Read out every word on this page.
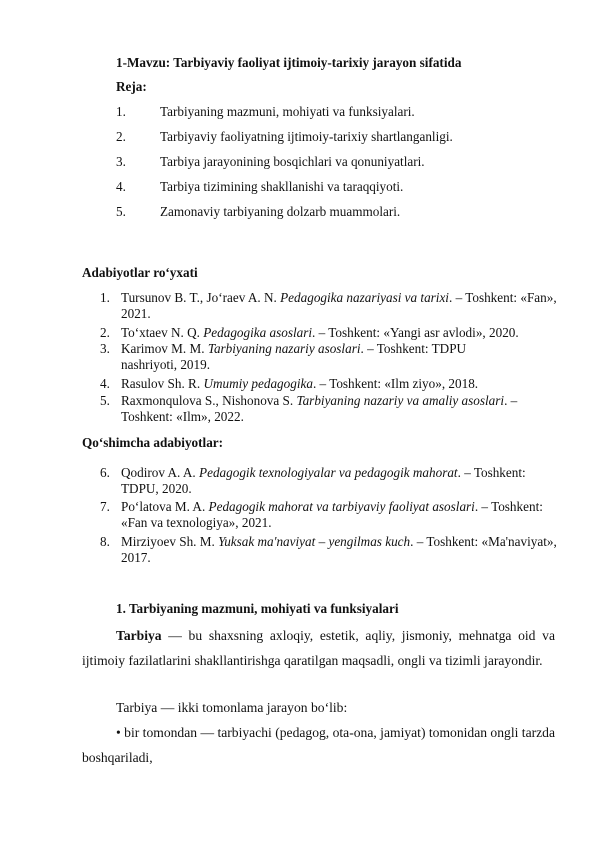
1-Mavzu: Tarbiyaviy faoliyat ijtimoiy-tarixiy jarayon sifatida
Reja:
1.	Tarbiyaning mazmuni, mohiyati va funksiyalari.
2.	Tarbiyaviy faoliyatning ijtimoiy-tarixiy shartlanganligi.
3.	Tarbiya jarayonining bosqichlari va qonuniyatlari.
4.	Tarbiya tizimining shakllanishi va taraqqiyoti.
5.	Zamonaviy tarbiyaning dolzarb muammolari.
Adabiyotlar ro‘yxati
1. Tursunov B. T., Jo‘raev A. N. Pedagogika nazariyasi va tarixi. – Toshkent: «Fan», 2021.
2. To‘xtaev N. Q. Pedagogika asoslari. – Toshkent: «Yangi asr avlodi», 2020.
3. Karimov M. M. Tarbiyaning nazariy asoslari. – Toshkent: TDPU nashriyoti, 2019.
4. Rasulov Sh. R. Umumiy pedagogika. – Toshkent: «Ilm ziyo», 2018.
5. Raxmonqulova S., Nishonova S. Tarbiyaning nazariy va amaliy asoslari. – Toshkent: «Ilm», 2022.
Qo‘shimcha adabiyotlar:
6. Qodirov A. A. Pedagogik texnologiyalar va pedagogik mahorat. – Toshkent: TDPU, 2020.
7. Po‘latova M. A. Pedagogik mahorat va tarbiyaviy faoliyat asoslari. – Toshkent: «Fan va texnologiya», 2021.
8. Mirziyoev Sh. M. Yuksak ma'naviyat – yengilmas kuch. – Toshkent: «Ma'naviyat», 2017.
1. Tarbiyaning mazmuni, mohiyati va funksiyalari
Tarbiya — bu shaxsning axloqiy, estetik, aqliy, jismoniy, mehnatga oid va ijtimoiy fazilatlarini shakllantirishga qaratilgan maqsadli, ongli va tizimli jarayondir.
Tarbiya — ikki tomonlama jarayon bo‘lib:
• bir tomondan — tarbiyachi (pedagog, ota-ona, jamiyat) tomonidan ongli tarzda boshqariladi,
